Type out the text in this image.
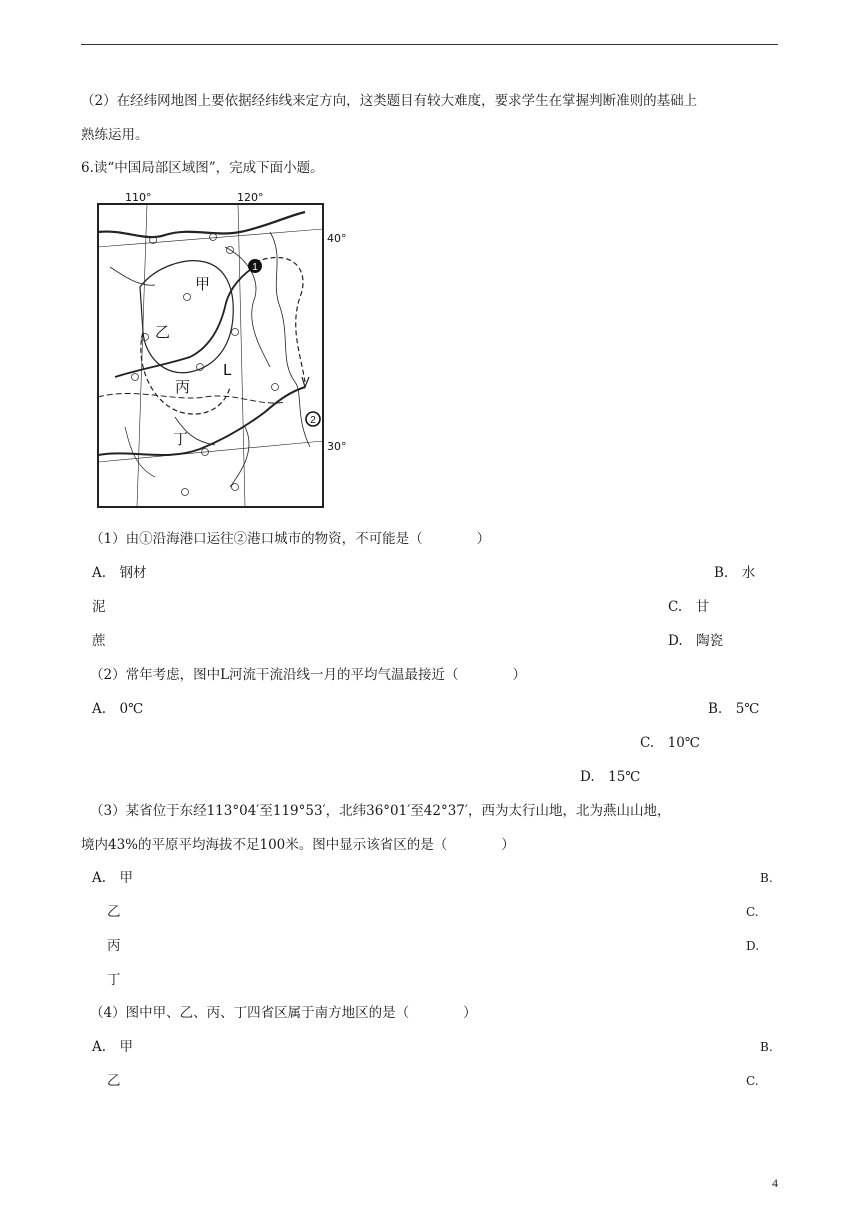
（2）在经纬网地图上要依据经纬线来定方向，这类题目有较大难度，要求学生在掌握判断准则的基础上
熟练运用。
6.读“中国局部区域图”，完成下面小题。
1
2
110°	120°
40°
30°
甲
乙
丙
丁
L
（1）由①沿海港口运往②港口城市的物资，不可能是（　　　　）
A.　钢材	B.　水
泥	C.　甘
蔗	D.　陶瓷
（2）常年考虑，图中L河流干流沿线一月的平均气温最接近（　　　　）
A.　0℃	B.　5℃
C.　10℃
D.　15℃
（3）某省位于东经113°04′至119°53′，北纬36°01′至42°37′，西为太行山地，北为燕山山地，
境内43%的平原平均海拔不足100米。图中显示该省区的是（　　　　）
A.　甲	B.
乙	C.
丙	D.
丁
（4）图中甲、乙、丙、丁四省区属于南方地区的是（　　　　）
A.　甲	B.
乙	C.
4
